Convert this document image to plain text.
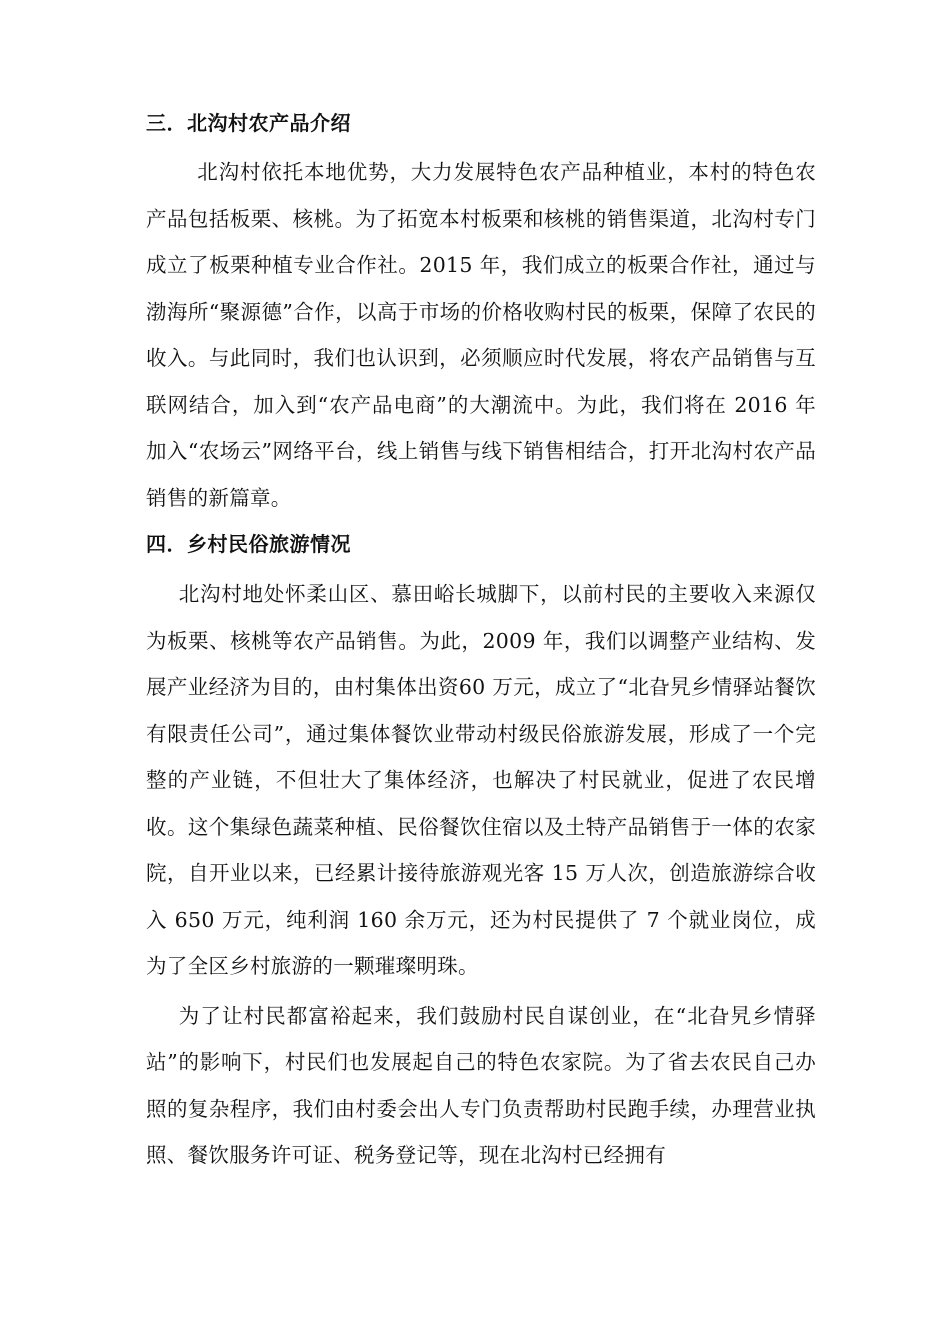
三．北沟村农产品介绍

北沟村依托本地优势，大力发展特色农产品种植业，本村的特色农产品包括板栗、核桃。为了拓宽本村板栗和核桃的销售渠道，北沟村专门成立了板栗种植专业合作社。2015 年，我们成立的板栗合作社，通过与渤海所“聚源德”合作，以高于市场的价格收购村民的板栗，保障了农民的收入。与此同时，我们也认识到，必须顺应时代发展，将农产品销售与互联网结合，加入到“农产品电商”的大潮流中。为此，我们将在 2016 年加入“农场云”网络平台，线上销售与线下销售相结合，打开北沟村农产品销售的新篇章。

四．乡村民俗旅游情况

北沟村地处怀柔山区、慕田峪长城脚下，以前村民的主要收入来源仅为板栗、核桃等农产品销售。为此，2009 年，我们以调整产业结构、发展产业经济为目的，由村集体出资60 万元，成立了“北旮旯乡情驿站餐饮有限责任公司”，通过集体餐饮业带动村级民俗旅游发展，形成了一个完整的产业链，不但壮大了集体经济，也解决了村民就业，促进了农民增收。这个集绿色蔬菜种植、民俗餐饮住宿以及土特产品销售于一体的农家院，自开业以来，已经累计接待旅游观光客 15 万人次，创造旅游综合收入 650 万元，纯利润 160 余万元，还为村民提供了 7 个就业岗位，成为了全区乡村旅游的一颗璀璨明珠。

为了让村民都富裕起来，我们鼓励村民自谋创业，在“北旮旯乡情驿站”的影响下，村民们也发展起自己的特色农家院。为了省去农民自己办照的复杂程序，我们由村委会出人专门负责帮助村民跑手续，办理营业执照、餐饮服务许可证、税务登记等，现在北沟村已经拥有
